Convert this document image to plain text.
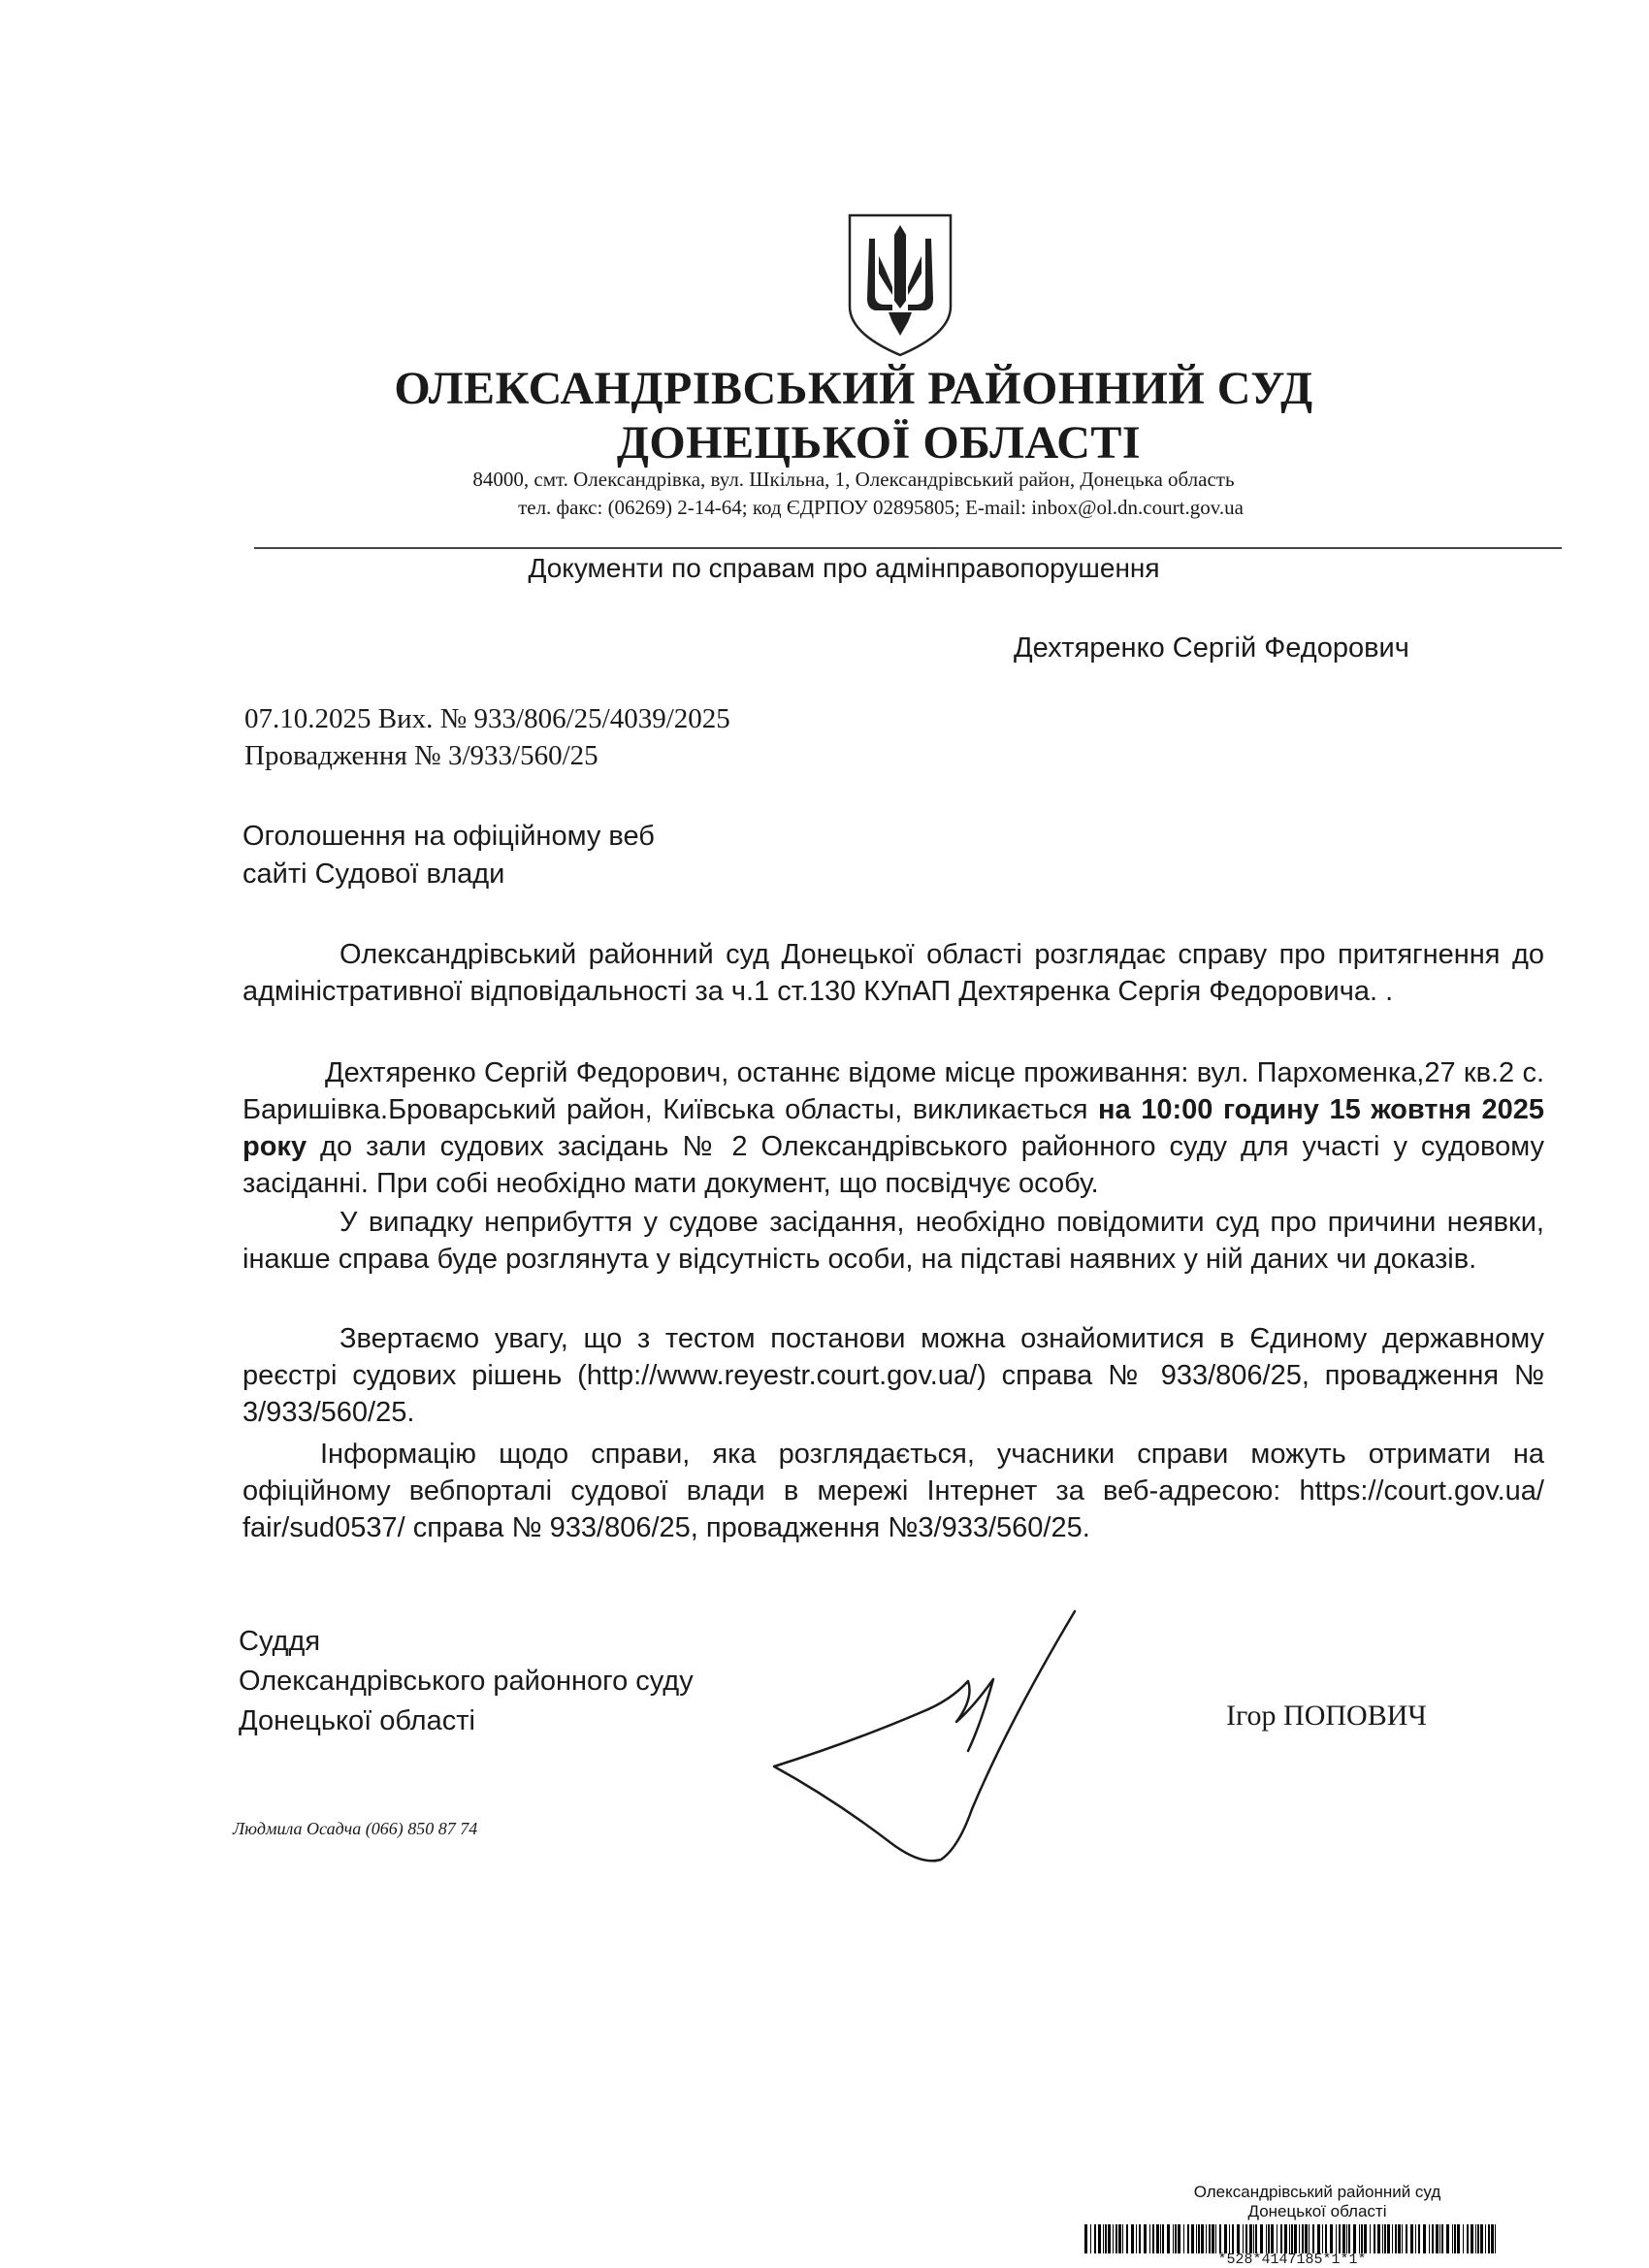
ОЛЕКСАНДРІВСЬКИЙ РАЙОННИЙ СУД
ДОНЕЦЬКОЇ ОБЛАСТІ
84000, смт. Олександрівка, вул. Шкільна, 1, Олександрівський район, Донецька область
тел. факс: (06269) 2-14-64; код ЄДРПОУ 02895805; E-mail: inbox@ol.dn.court.gov.ua
Документи по справам про адмінправопорушення
Дехтяренко Сергій Федорович
07.10.2025 Вих. № 933/806/25/4039/2025
Провадження № 3/933/560/25
Оголошення на офіційному веб
сайті Судової влади
Олександрівський районний суд Донецької області розглядає справу про притягнення до адміністративної відповідальності за ч.1 ст.130 КУпАП Дехтяренка Сергія Федоровича. .
Дехтяренко Сергій Федорович, останнє відоме місце проживання: вул. Пархоменка,27 кв.2 с. Баришівка.Броварський район, Київська областы, викликається на 10:00 годину 15 жовтня 2025 року до зали судових засідань № 2 Олександрівського районного суду для участі у судовому засіданні. При собі необхідно мати документ, що посвідчує особу.
У випадку неприбуття у судове засідання, необхідно повідомити суд про причини неявки, інакше справа буде розглянута у відсутність особи, на підставі наявних у ній даних чи доказів.
Звертаємо увагу, що з тестом постанови можна ознайомитися в Єдиному державному реєстрі судових рішень (http://www.reyestr.court.gov.ua/) справа № 933/806/25, провадження № 3/933/560/25.
Інформацію щодо справи, яка розглядається, учасники справи можуть отримати на офіційному вебпорталі судової влади в мережі Інтернет за веб-адресою: https://court.gov.ua/ fair/sud0537/ справа № 933/806/25, провадження №3/933/560/25.
Суддя
Олександрівського районного суду
Донецької області	Ігор ПОПОВИЧ
Людмила Осадча (066) 850 87 74
Олександрівський районний суд
Донецької області
*528*4147185*1*1*
